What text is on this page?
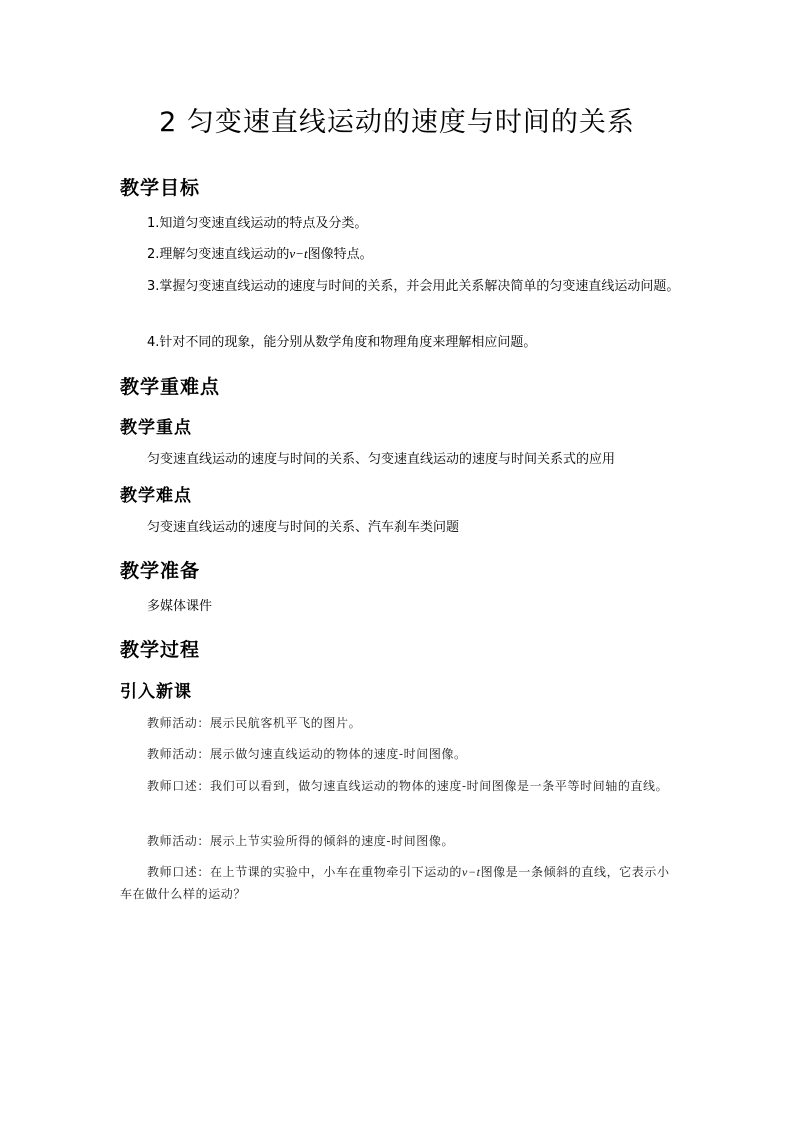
2 匀变速直线运动的速度与时间的关系
教学目标

1.知道匀变速直线运动的特点及分类。

2.理解匀变速直线运动的v−t图像特点。

3.掌握匀变速直线运动的速度与时间的关系，并会用此关系解决简单的匀变速直线运动问题。

4.针对不同的现象，能分别从数学角度和物理角度来理解相应问题。

教学重难点
教学重点

匀变速直线运动的速度与时间的关系、匀变速直线运动的速度与时间关系式的应用

教学难点

匀变速直线运动的速度与时间的关系、汽车刹车类问题

教学准备

多媒体课件

教学过程
引入新课

教师活动：展示民航客机平飞的图片。

教师活动：展示做匀速直线运动的物体的速度-时间图像。

教师口述：我们可以看到，做匀速直线运动的物体的速度-时间图像是一条平等时间轴的直线。

教师活动：展示上节实验所得的倾斜的速度-时间图像。

教师口述：在上节课的实验中，小车在重物牵引下运动的v−t图像是一条倾斜的直线，它表示小车在做什么样的运动？
